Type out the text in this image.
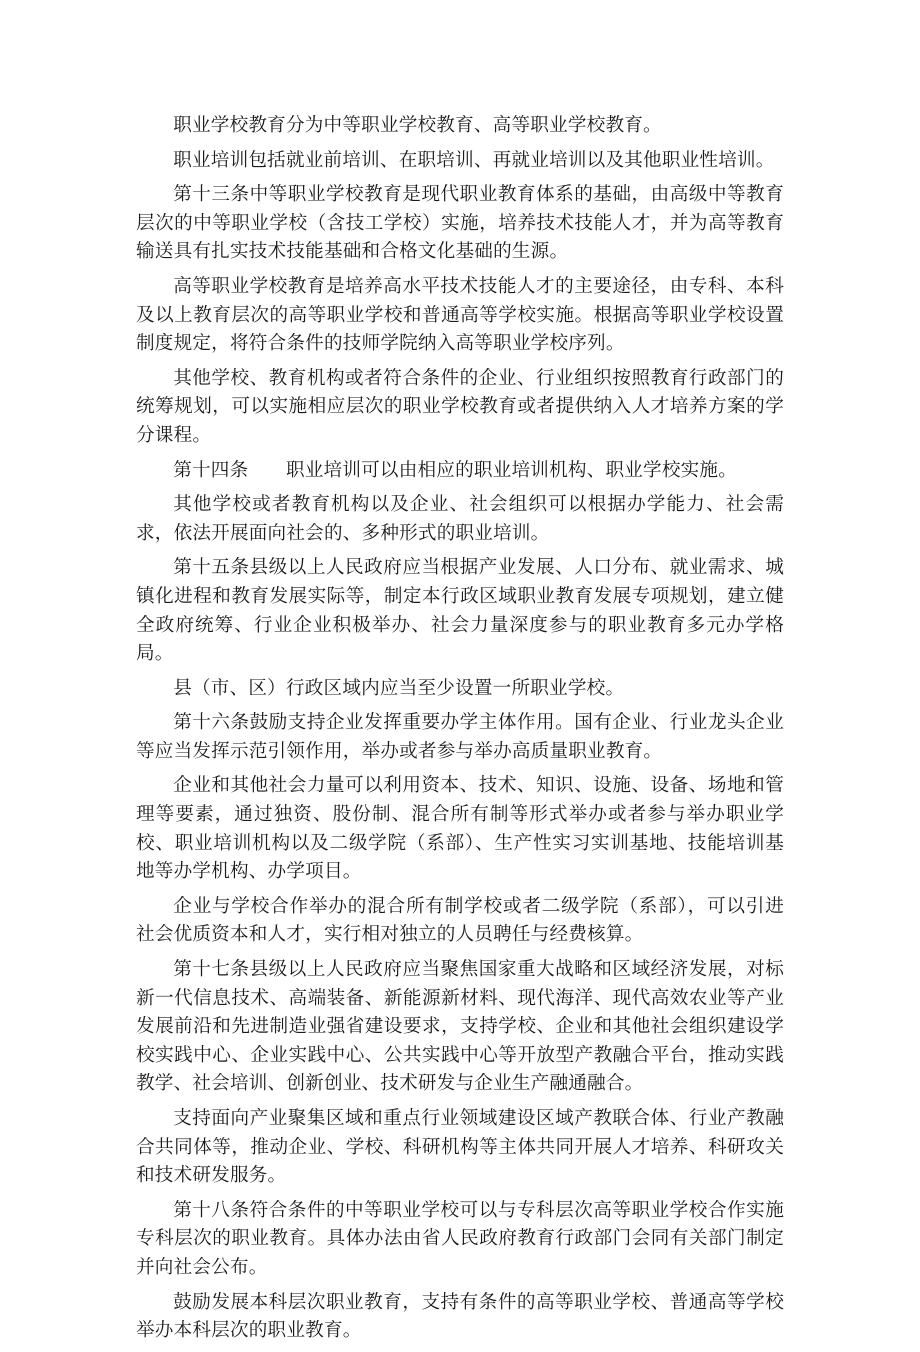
职业学校教育分为中等职业学校教育、高等职业学校教育。

职业培训包括就业前培训、在职培训、再就业培训以及其他职业性培训。

第十三条中等职业学校教育是现代职业教育体系的基础，由高级中等教育层次的中等职业学校（含技工学校）实施，培养技术技能人才，并为高等教育输送具有扎实技术技能基础和合格文化基础的生源。

高等职业学校教育是培养高水平技术技能人才的主要途径，由专科、本科及以上教育层次的高等职业学校和普通高等学校实施。根据高等职业学校设置制度规定，将符合条件的技师学院纳入高等职业学校序列。

其他学校、教育机构或者符合条件的企业、行业组织按照教育行政部门的统筹规划，可以实施相应层次的职业学校教育或者提供纳入人才培养方案的学分课程。

第十四条　　职业培训可以由相应的职业培训机构、职业学校实施。

其他学校或者教育机构以及企业、社会组织可以根据办学能力、社会需求，依法开展面向社会的、多种形式的职业培训。

第十五条县级以上人民政府应当根据产业发展、人口分布、就业需求、城镇化进程和教育发展实际等，制定本行政区域职业教育发展专项规划，建立健全政府统筹、行业企业积极举办、社会力量深度参与的职业教育多元办学格局。

县（市、区）行政区域内应当至少设置一所职业学校。

第十六条鼓励支持企业发挥重要办学主体作用。国有企业、行业龙头企业等应当发挥示范引领作用，举办或者参与举办高质量职业教育。

企业和其他社会力量可以利用资本、技术、知识、设施、设备、场地和管理等要素，通过独资、股份制、混合所有制等形式举办或者参与举办职业学校、职业培训机构以及二级学院（系部）、生产性实习实训基地、技能培训基地等办学机构、办学项目。

企业与学校合作举办的混合所有制学校或者二级学院（系部），可以引进社会优质资本和人才，实行相对独立的人员聘任与经费核算。

第十七条县级以上人民政府应当聚焦国家重大战略和区域经济发展，对标新一代信息技术、高端装备、新能源新材料、现代海洋、现代高效农业等产业发展前沿和先进制造业强省建设要求，支持学校、企业和其他社会组织建设学校实践中心、企业实践中心、公共实践中心等开放型产教融合平台，推动实践教学、社会培训、创新创业、技术研发与企业生产融通融合。

支持面向产业聚集区域和重点行业领域建设区域产教联合体、行业产教融合共同体等，推动企业、学校、科研机构等主体共同开展人才培养、科研攻关和技术研发服务。

第十八条符合条件的中等职业学校可以与专科层次高等职业学校合作实施专科层次的职业教育。具体办法由省人民政府教育行政部门会同有关部门制定并向社会公布。

鼓励发展本科层次职业教育，支持有条件的高等职业学校、普通高等学校举办本科层次的职业教育。
